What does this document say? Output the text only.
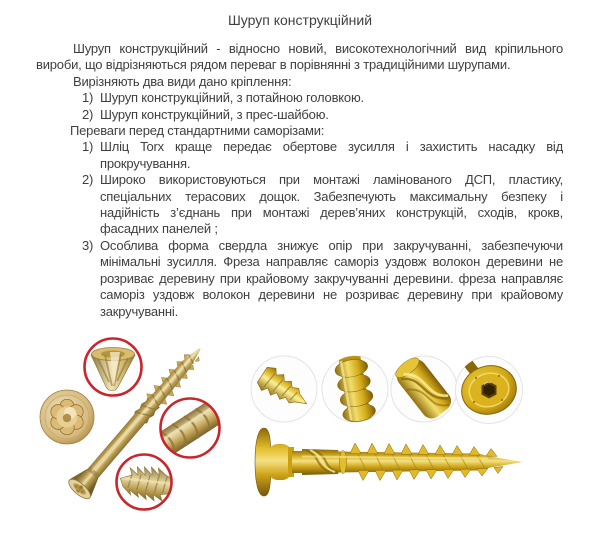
Шуруп конструкційний

Шуруп конструкційний - відносно новий, високотехнологічний вид кріпильного вироби, що відрізняються рядом переваг в порівнянні з традиційними шурупами.

Вирізняють два види дано кріплення:

1) Шуруп конструкційний, з потайною головкою.
2) Шуруп конструкційний, з прес-шайбою.

Переваги перед стандартними саморізами:

1) Шліц Torx краще передає обертове зусилля і захистить насадку від прокручування.
2) Широко використовуються при монтажі ламінованого ДСП, пластику, спеціальних терасових дощок. Забезпечують максимальну безпеку і надійність з’єднань при монтажі дерев’яних конструкцій, сходів, крокв, фасадних панелей ;
3) Особлива форма свердла знижує опір при закручуванні, забезпечуючи мінімальні зусилля. Фреза направляє саморіз уздовж волокон деревини не розриває деревину при крайовому закручуванні деревини. фреза направляє саморіз уздовж волокон деревини не розриває деревину при крайовому закручуванні.
